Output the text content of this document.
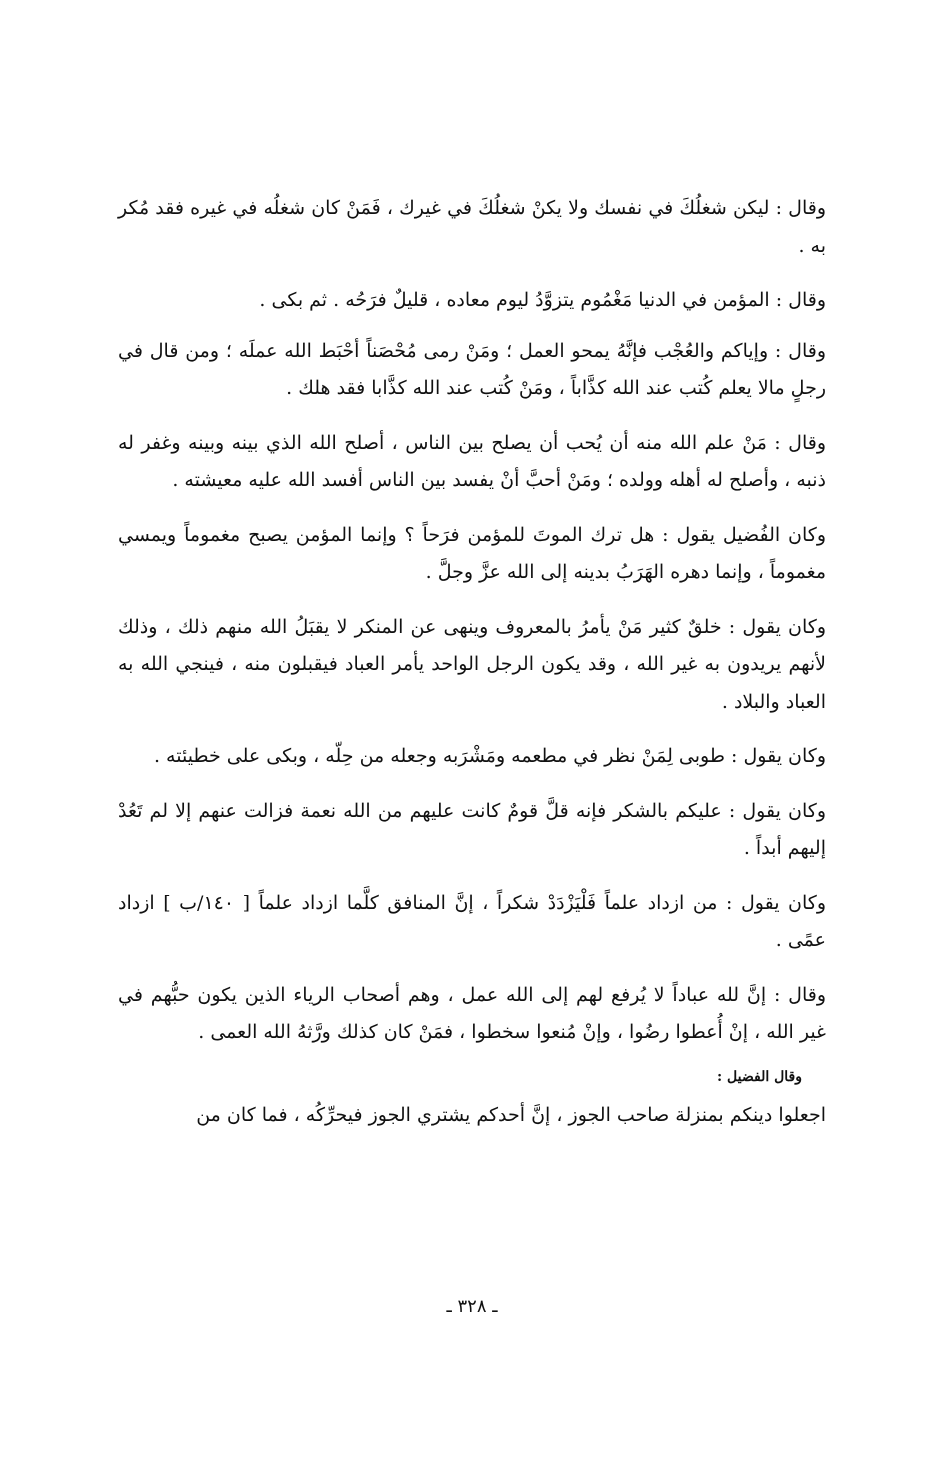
وقال : ليكن شغلُكَ في نفسك ولا يكنْ شغلُكَ في غيرك ، فَمَنْ كان شغلُه في غيره فقد مُكر به .

وقال : المؤمن في الدنيا مَغْمُوم يتزوَّدُ ليوم معاده ، قليلٌ فرَحُه . ثم بكى .

وقال : وإياكم والعُجْب فإنَّهُ يمحو العمل ؛ ومَنْ رمى مُحْصَناً أحْبَط الله عملَه ؛ ومن قال في رجلٍ مالا يعلم كُتب عند الله كذَّاباً ، ومَنْ كُتب عند الله كذَّابا فقد هلك .

وقال : مَنْ علم الله منه أن يُحب أن يصلح بين الناس ، أصلح الله الذي بينه وبينه وغفر له ذنبه ، وأصلح له أهله وولده ؛ ومَنْ أحبَّ أنْ يفسد بين الناس أفسد الله عليه معيشته .

وكان الفُضيل يقول : هل ترك الموتَ للمؤمن فرَحاً ؟ وإنما المؤمن يصبح مغموماً ويمسي مغموماً ، وإنما دهره الهَرَبُ بدينه إلى الله عزَّ وجلَّ .

وكان يقول : خلقٌ كثير مَنْ يأمرُ بالمعروف وينهى عن المنكر لا يقبَلُ الله منهم ذلك ، وذلك لأنهم يريدون به غير الله ، وقد يكون الرجل الواحد يأمر العباد فيقبلون منه ، فينجي الله به العباد والبلاد .

وكان يقول : طوبى لِمَنْ نظر في مطعمه ومَشْرَبه وجعله من حِلّه ، وبكى على خطيئته .

وكان يقول : عليكم بالشكر فإنه قلَّ قومٌ كانت عليهم من الله نعمة فزالت عنهم إلا لم تَعُدْ إليهم أبداً .

وكان يقول : من ازداد علماً فَلْيَزْدَدْ شكراً ، إنَّ المنافق كلَّما ازداد علماً [ ١٤٠/ب ] ازداد عمًى .

وقال : إنَّ لله عباداً لا يُرفع لهم إلى الله عمل ، وهم أصحاب الرياء الذين يكون حبُّهم في غير الله ، إنْ أُعطوا رضُوا ، وإنْ مُنعوا سخطوا ، فمَنْ كان كذلك ورَّثهُ الله العمى .

وقال الفضيل :

اجعلوا دينكم بمنزلة صاحب الجوز ، إنَّ أحدكم يشتري الجوز فيحرِّكُه ، فما كان من

ـ ٣٢٨ ـ
